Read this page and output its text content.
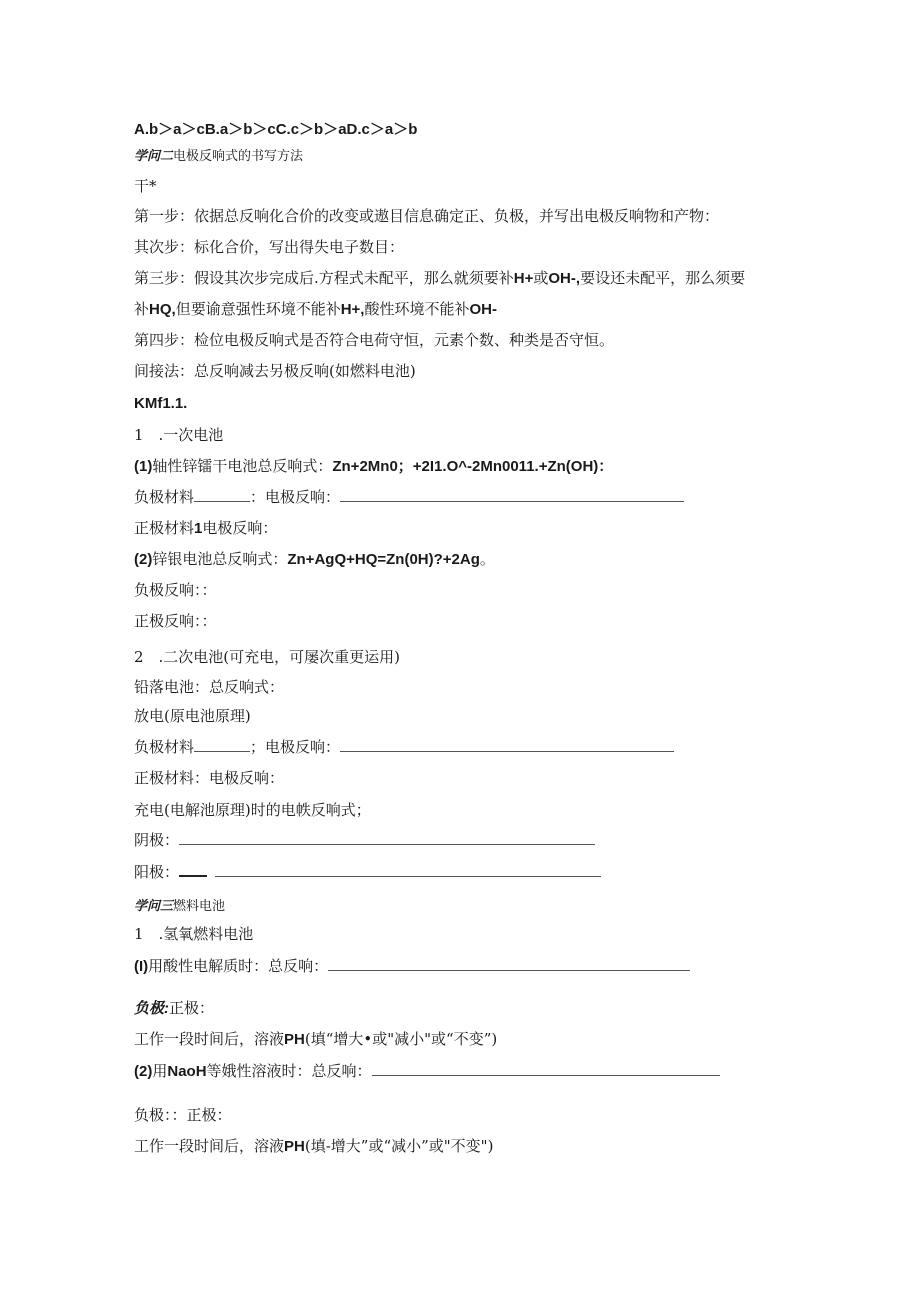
A.b＞a＞cB.a＞b＞cC.c＞b＞aD.c＞a＞b
学问二电极反响式的书写方法
干*
第一步：依据总反响化合价的改变或遨目信息确定正、负极，并写出电极反响物和产物：
其次步：标化合价，写出得失电子数目：
第三步：假设其次步完成后.方程式未配平，那么就须要补H+或OH-,要设还未配平，那么须要
补HQ,但要谕意强性环境不能补H+,酸性环境不能补OH-
第四步：检位电极反响式是否符合电荷守恒，元素个数、种类是否守恒。
间接法：总反响减去另极反响(如燃料电池)
KMf1.1.
1　.一次电池
(1)轴性锌镭干电池总反响式：Zn+2Mn0；+2I1.O^-2Mn0011.+Zn(OH)：
负极材料	：电极反响：
正极材料1电极反响：
(2)锌银电池总反响式：Zn+AgQ+HQ=Zn(0H)?+2Ag。
负极反响：：
正极反响：：
2　.二次电池(可充电，可屡次重更运用)
铅落电池：总反响式：
放电(原电池原理)
负极材料	；电极反响：
正极材料：电极反响：
充电(电解池原理)时的电帙反响式；
阴极：
阳极：
学问三燃料电池
1　.氢氧燃料电池
(I)用酸性电解质时：总反响：
负极:正极：
工作一段时间后，溶液PH(填“增大•或"减小"或“不变”)
(2)用NaoH等娥性溶液时：总反响：
负极：：正极：
工作一段时间后，溶液PH(填-增大”或“减小”或"不变")
